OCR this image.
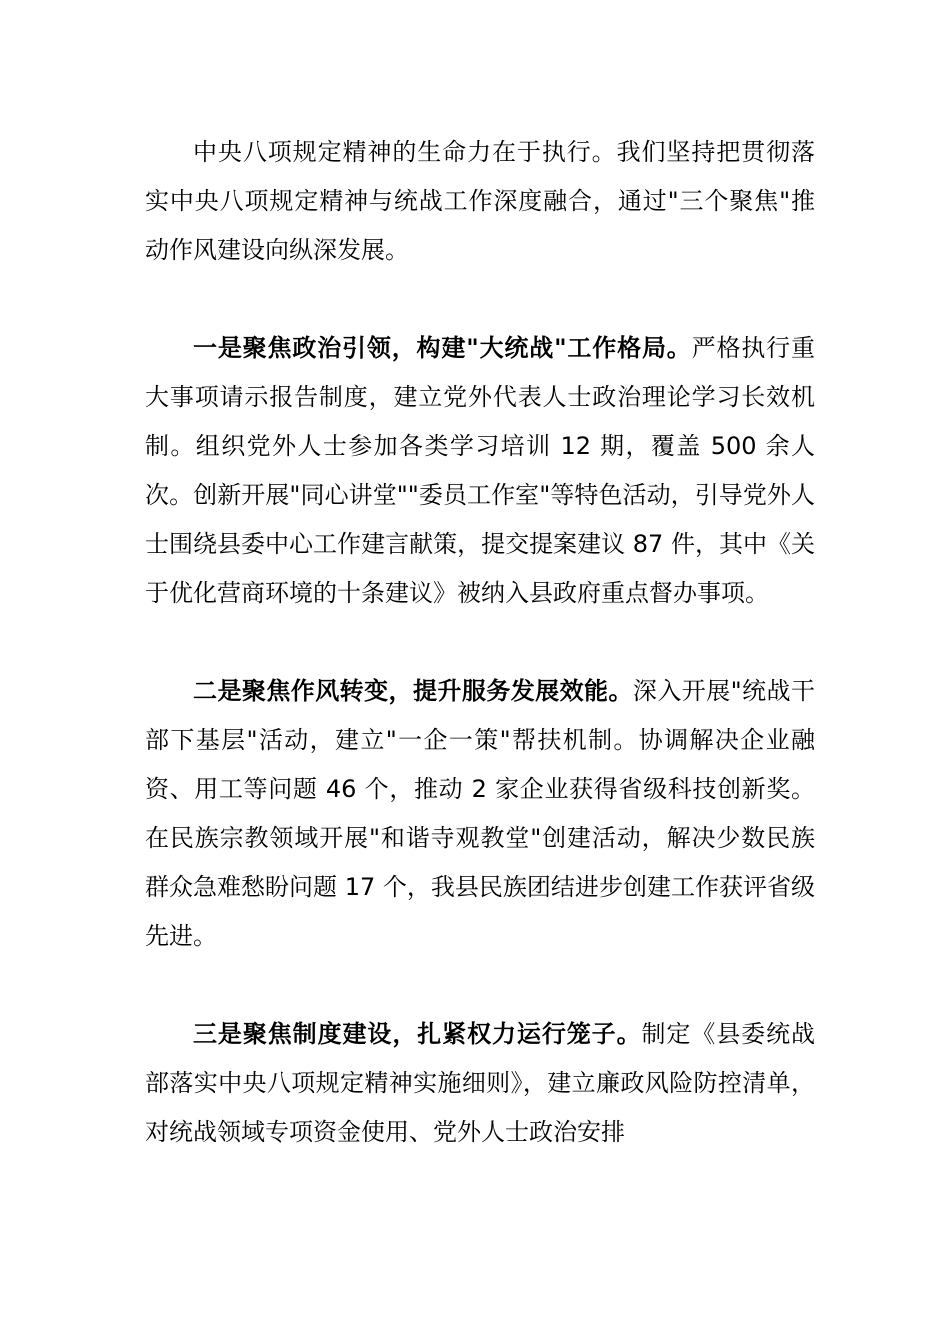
中央八项规定精神的生命力在于执行。我们坚持把贯彻落实中央八项规定精神与统战工作深度融合，通过"三个聚焦"推动作风建设向纵深发展。

一是聚焦政治引领，构建"大统战"工作格局。严格执行重大事项请示报告制度，建立党外代表人士政治理论学习长效机制。组织党外人士参加各类学习培训 12 期，覆盖 500 余人次。创新开展"同心讲堂""委员工作室"等特色活动，引导党外人士围绕县委中心工作建言献策，提交提案建议 87 件，其中《关于优化营商环境的十条建议》被纳入县政府重点督办事项。

二是聚焦作风转变，提升服务发展效能。深入开展"统战干部下基层"活动，建立"一企一策"帮扶机制。协调解决企业融资、用工等问题 46 个，推动 2 家企业获得省级科技创新奖。在民族宗教领域开展"和谐寺观教堂"创建活动，解决少数民族群众急难愁盼问题 17 个，我县民族团结进步创建工作获评省级先进。

三是聚焦制度建设，扎紧权力运行笼子。制定《县委统战部落实中央八项规定精神实施细则》，建立廉政风险防控清单，对统战领域专项资金使用、党外人士政治安排
